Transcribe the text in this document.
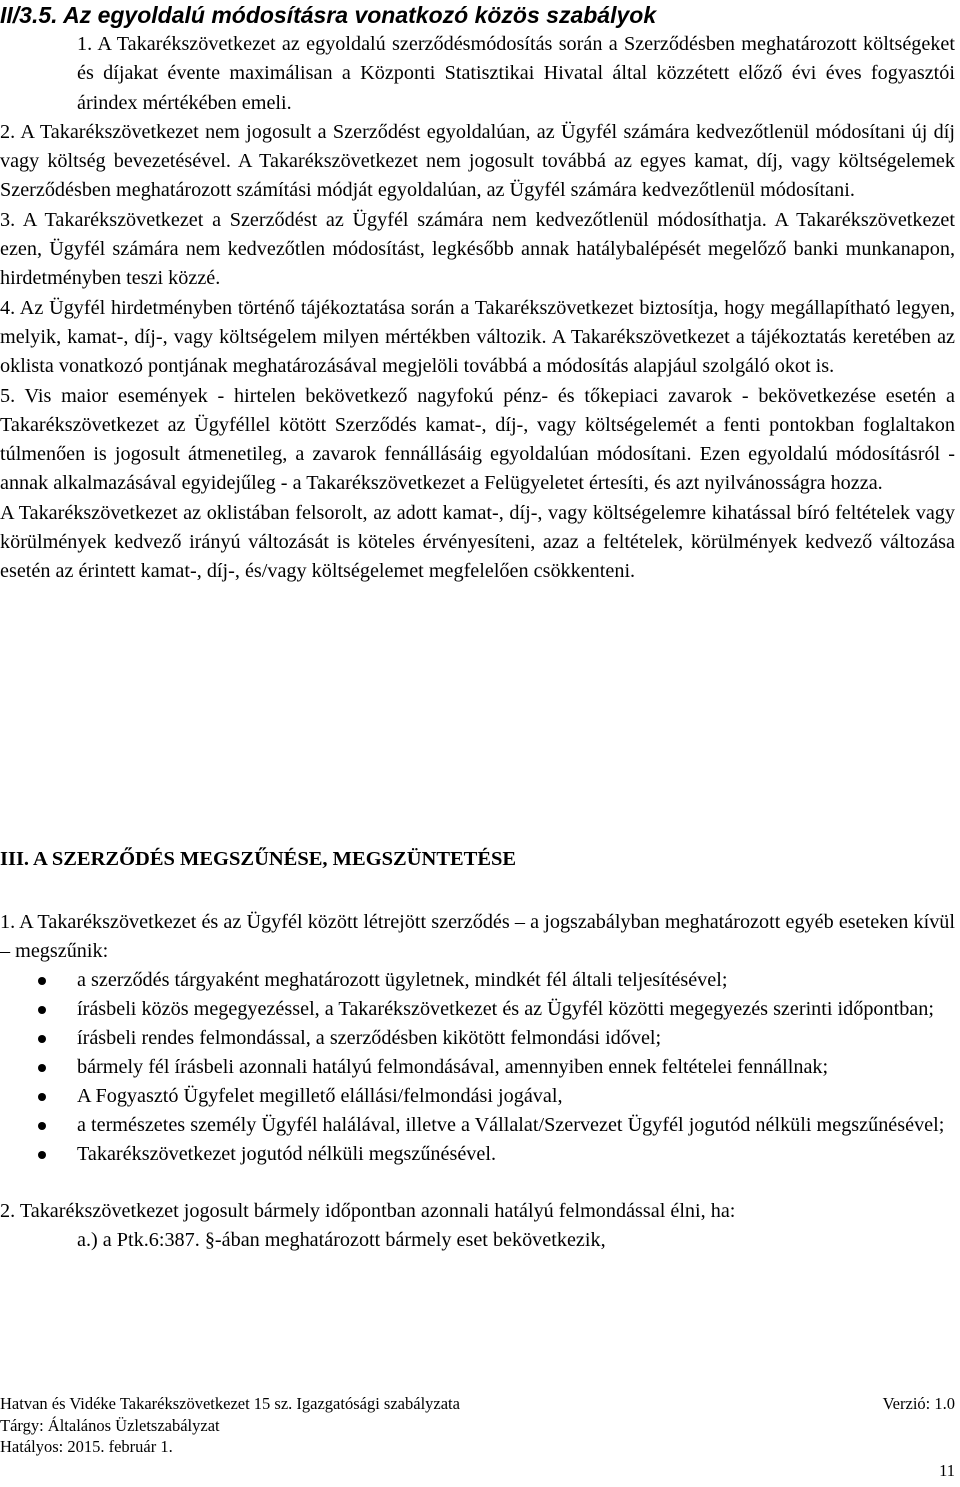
II/3.5. Az egyoldalú módosításra vonatkozó közös szabályok

1. A Takarékszövetkezet az egyoldalú szerződésmódosítás során a Szerződésben meghatározott költségeket és díjakat évente maximálisan a Központi Statisztikai Hivatal által közzétett előző évi éves fogyasztói árindex mértékében emeli.

2. A Takarékszövetkezet nem jogosult a Szerződést egyoldalúan, az Ügyfél számára kedvezőtlenül módosítani új díj vagy költség bevezetésével. A Takarékszövetkezet nem jogosult továbbá az egyes kamat, díj, vagy költségelemek Szerződésben meghatározott számítási módját egyoldalúan, az Ügyfél számára kedvezőtlenül módosítani.

3. A Takarékszövetkezet a Szerződést az Ügyfél számára nem kedvezőtlenül módosíthatja. A Takarékszövetkezet ezen, Ügyfél számára nem kedvezőtlen módosítást, legkésőbb annak hatálybalépését megelőző banki munkanapon, hirdetményben teszi közzé.

4. Az Ügyfél hirdetményben történő tájékoztatása során a Takarékszövetkezet biztosítja, hogy megállapítható legyen, melyik, kamat-, díj-, vagy költségelem milyen mértékben változik. A Takarékszövetkezet a tájékoztatás keretében az oklista vonatkozó pontjának meghatározásával megjelöli továbbá a módosítás alapjául szolgáló okot is.

5. Vis maior események - hirtelen bekövetkező nagyfokú pénz- és tőkepiaci zavarok - bekövetkezése esetén a Takarékszövetkezet az Ügyféllel kötött Szerződés kamat-, díj-, vagy költségelemét a fenti pontokban foglaltakon túlmenően is jogosult átmenetileg, a zavarok fennállásáig egyoldalúan módosítani. Ezen egyoldalú módosításról - annak alkalmazásával egyidejűleg - a Takarékszövetkezet a Felügyeletet értesíti, és azt nyilvánosságra hozza.

A Takarékszövetkezet az oklistában felsorolt, az adott kamat-, díj-, vagy költségelemre kihatással bíró feltételek vagy körülmények kedvező irányú változását is köteles érvényesíteni, azaz a feltételek, körülmények kedvező változása esetén az érintett kamat-, díj-, és/vagy költségelemet megfelelően csökkenteni.

III. A SZERZŐDÉS MEGSZŰNÉSE, MEGSZÜNTETÉSE

1. A Takarékszövetkezet és az Ügyfél között létrejött szerződés – a jogszabályban meghatározott egyéb eseteken kívül – megszűnik:

a szerződés tárgyaként meghatározott ügyletnek, mindkét fél általi teljesítésével;
írásbeli közös megegyezéssel, a Takarékszövetkezet és az Ügyfél közötti megegyezés szerinti időpontban;
írásbeli rendes felmondással, a szerződésben kikötött felmondási idővel;
bármely fél írásbeli azonnali hatályú felmondásával, amennyiben ennek feltételei fennállnak;
A Fogyasztó Ügyfelet megillető elállási/felmondási jogával,
a természetes személy Ügyfél halálával, illetve a Vállalat/Szervezet Ügyfél jogutód nélküli megszűnésével;
Takarékszövetkezet jogutód nélküli megszűnésével.

2. Takarékszövetkezet jogosult bármely időpontban azonnali hatályú felmondással élni, ha:

a.) a Ptk.6:387. §-ában meghatározott bármely eset bekövetkezik,

Hatvan és Vidéke Takarékszövetkezet 15 sz. Igazgatósági szabályzata	Verzió: 1.0
Tárgy: Általános Üzletszabályzat
Hatályos: 2015. február 1.
11
